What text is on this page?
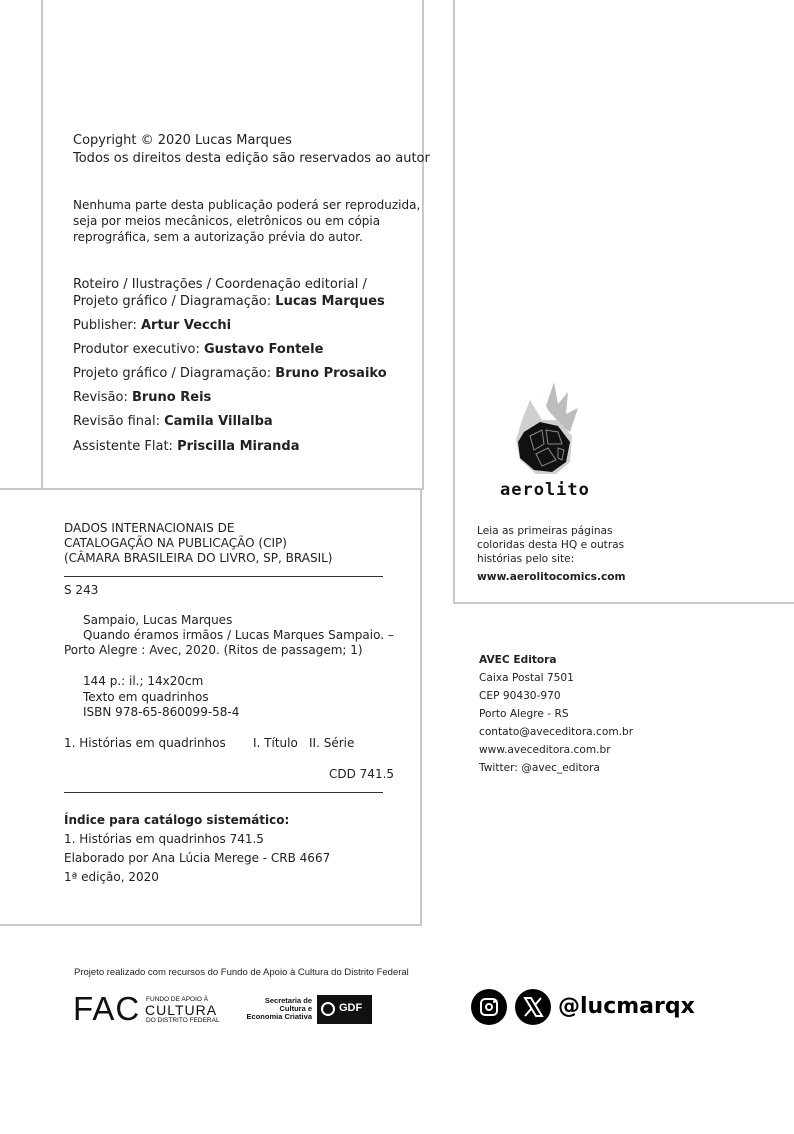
Copyright © 2020 Lucas Marques
Todos os direitos desta edição são reservados ao autor
Nenhuma parte desta publicação poderá ser reproduzida,
seja por meios mecânicos, eletrônicos ou em cópia
reprográfica, sem a autorização prévia do autor.
Roteiro / Ilustrações / Coordenação editorial /
Projeto gráfico / Diagramação: Lucas Marques
Publisher: Artur Vecchi
Produtor executivo: Gustavo Fontele
Projeto gráfico / Diagramação: Bruno Prosaiko
Revisão: Bruno Reis
Revisão final: Camila Villalba
Assistente Flat: Priscilla Miranda
aerolito
Leia as primeiras páginas
coloridas desta HQ e outras
histórias pelo site:
www.aerolitocomics.com
DADOS INTERNACIONAIS DE
CATALOGAÇÃO NA PUBLICAÇÃO (CIP)
(CÂMARA BRASILEIRA DO LIVRO, SP, BRASIL)
S 243
Sampaio, Lucas Marques
Quando éramos irmãos / Lucas Marques Sampaio. –
Porto Alegre : Avec, 2020. (Ritos de passagem; 1)
144 p.: il.; 14x20cm
Texto em quadrinhos
ISBN 978-65-860099-58-4
1. Histórias em quadrinhos I. Título II. Série
CDD 741.5
Índice para catálogo sistemático:
1. Histórias em quadrinhos 741.5
Elaborado por Ana Lúcia Merege - CRB 4667
1ª edição, 2020
AVEC Editora
Caixa Postal 7501
CEP 90430-970
Porto Alegre - RS
contato@aveceditora.com.br
www.aveceditora.com.br
Twitter: @avec_editora
Projeto realizado com recursos do Fundo de Apoio à Cultura do Distrito Federal
FAC FUNDO DE APOIO À
CULTURA
DO DISTRITO FEDERAL
Secretaria de
Cultura e
Economia Criativa
GDF	@lucmarqx
